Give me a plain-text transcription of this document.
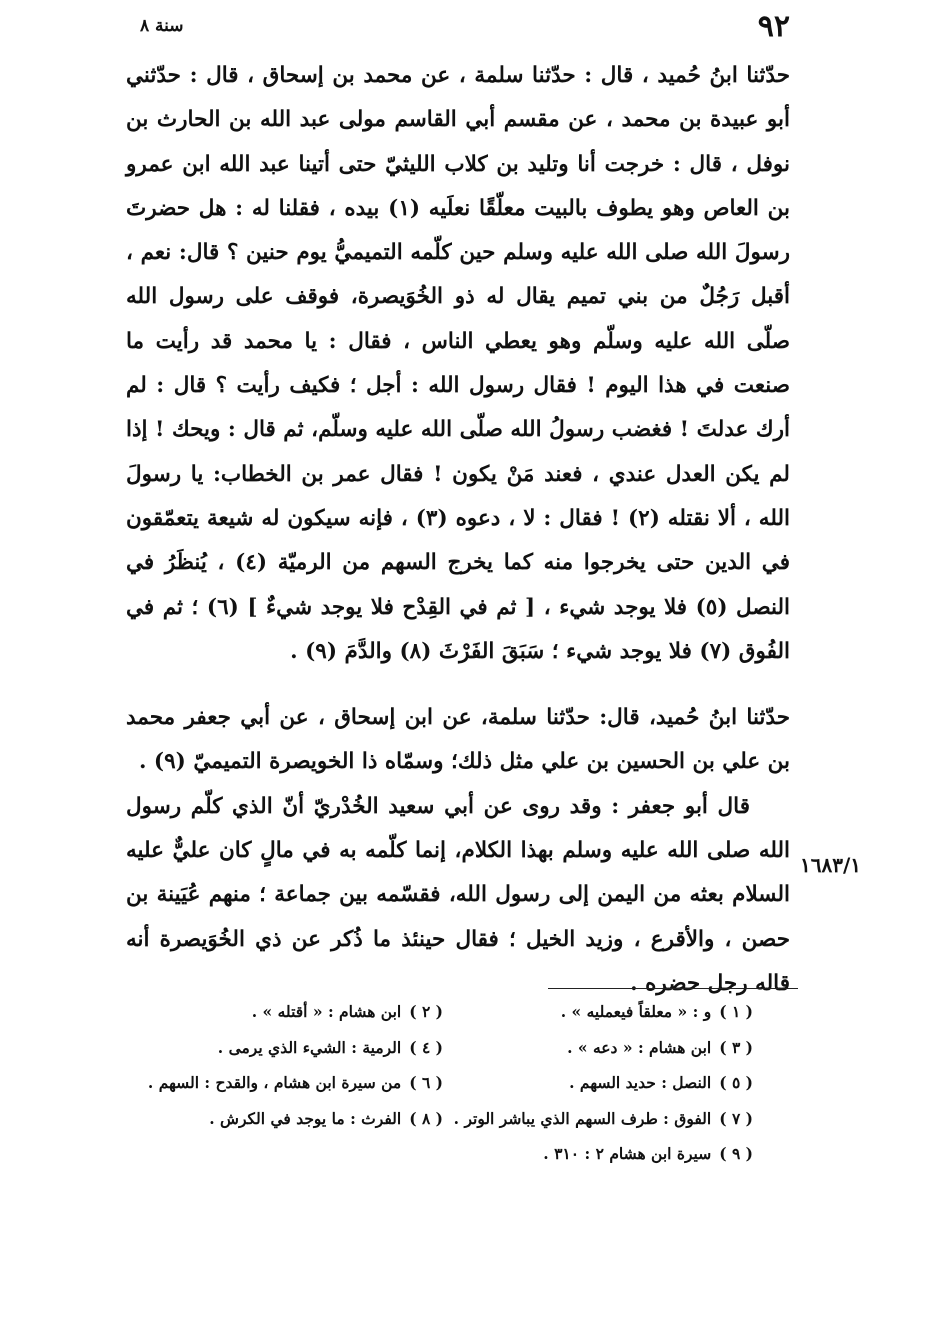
٩٢
سنة ٨

حدّثنا ابنُ حُميد ، قال : حدّثنا سلمة ، عن محمد بن إسحاق ، قال : حدّثني أبو عبيدة بن محمد ، عن مقسم أبي القاسم مولى عبد الله بن الحارث بن نوفل ، قال : خرجت أنا وتليد بن كلاب الليثيّ حتى أتينا عبد الله ابن عمرو بن العاص وهو يطوف بالبيت معلّقًا نعلَيه (١) بيده ، فقلنا له : هل حضرتَ رسولَ الله صلى الله عليه وسلم حين كلّمه التميميُّ يوم حنين ؟ قال: نعم ، أقبل رَجُلٌ من بني تميم يقال له ذو الخُوَيصرة، فوقف على رسول الله صلّى الله عليه وسلّم وهو يعطي الناس ، فقال : يا محمد قد رأيت ما صنعت في هذا اليوم ! فقال رسول الله : أجل ؛ فكيف رأيت ؟ قال : لم أرك عدلتَ ! فغضب رسولُ الله صلّى الله عليه وسلّم، ثم قال : ويحك ! إذا لم يكن العدل عندي ، فعند مَنْ يكون ! فقال عمر بن الخطاب: يا رسولَ الله ، ألا نقتله (٢) ! فقال : لا ، دعوه (٣) ، فإنه سيكون له شيعة يتعمّقون في الدين حتى يخرجوا منه كما يخرج السهم من الرميّة (٤) ، يُنظَرُ في النصل (٥) فلا يوجد شيء ، [ ثم في القِدْح فلا يوجد شيءٌ ] (٦) ؛ ثم في الفُوق (٧) فلا يوجد شيء ؛ سَبَقَ الفَرْثَ (٨) والدَّمَ (٩) .

حدّثنا ابنُ حُميد، قال: حدّثنا سلمة، عن ابن إسحاق ، عن أبي جعفر محمد بن علي بن الحسين بن علي مثل ذلك؛ وسمّاه ذا الخويصرة التميميّ (٩) .

قال أبو جعفر : وقد روى عن أبي سعيد الخُدْريّ أنّ الذي كلّم رسول الله صلى الله عليه وسلم بهذا الكلام، إنما كلّمه به في مالٍ كان عليٌّ عليه السلام بعثه من اليمن إلى رسول الله، فقسّمه بين جماعة ؛ منهم عُيَينة بن حصن ، والأقرع ، وزيد الخيل ؛ فقال حينئذ ما ذُكر عن ذي الخُوَيصرة أنه قاله رجل حضره .

١٦٨٣/١
( ١ )و : « معلقاً فيعمليه » .
( ٢ )ابن هشام : « أقتله » .
( ٣ )ابن هشام : « دعه » .
( ٤ )الرمية : الشيء الذي يرمى .
( ٥ )النصل : حديد السهم .
( ٦ )من سيرة ابن هشام ، والقدح : السهم .
( ٧ )الفوق : طرف السهم الذي يباشر الوتر .
( ٨ )الفرث : ما يوجد في الكرش .
( ٩ )سيرة ابن هشام ٢ : ٣١٠ .
